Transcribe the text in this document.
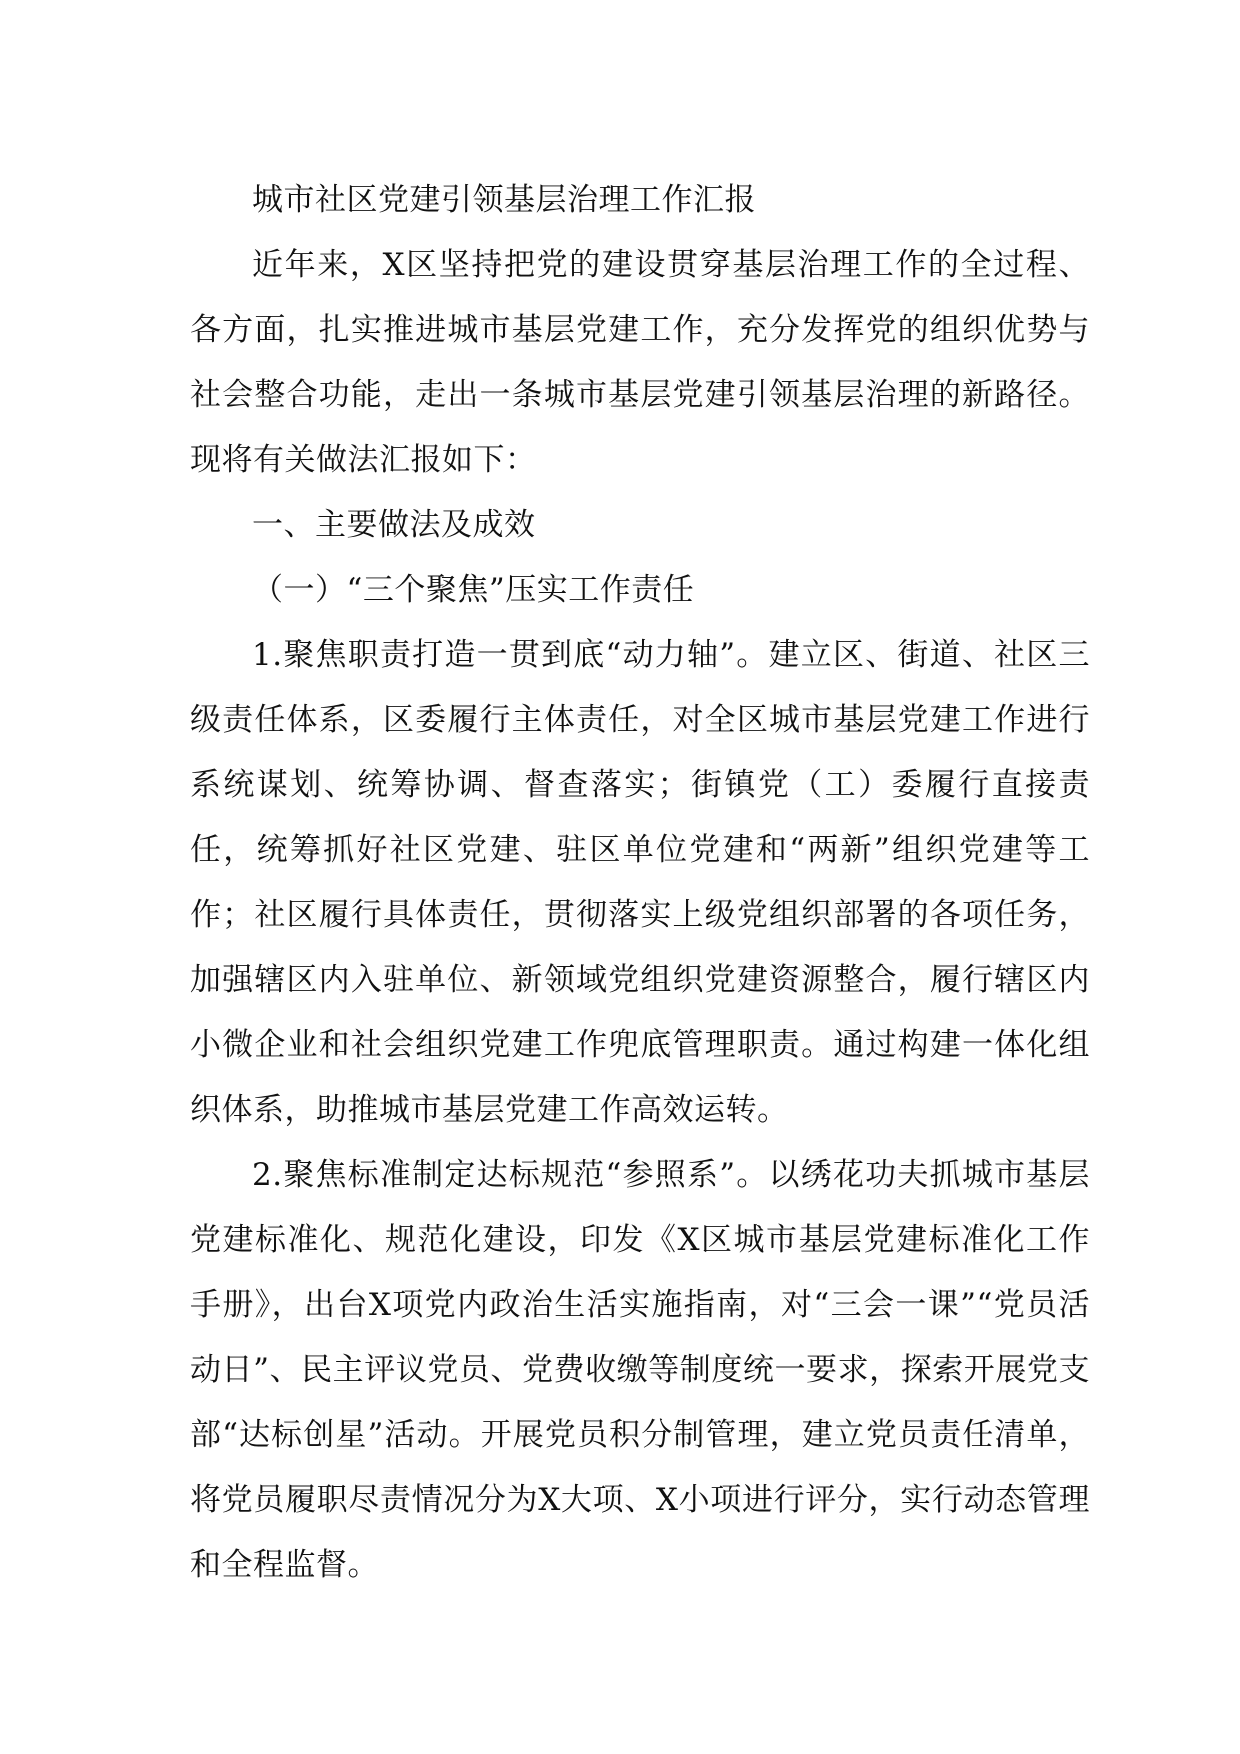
城市社区党建引领基层治理工作汇报

近年来，X区坚持把党的建设贯穿基层治理工作的全过程、各方面，扎实推进城市基层党建工作，充分发挥党的组织优势与社会整合功能，走出一条城市基层党建引领基层治理的新路径。现将有关做法汇报如下：

一、主要做法及成效

（一）“三个聚焦”压实工作责任

1.聚焦职责打造一贯到底“动力轴”。建立区、街道、社区三级责任体系，区委履行主体责任，对全区城市基层党建工作进行系统谋划、统筹协调、督查落实；街镇党（工）委履行直接责任，统筹抓好社区党建、驻区单位党建和“两新”组织党建等工作；社区履行具体责任，贯彻落实上级党组织部署的各项任务，加强辖区内入驻单位、新领域党组织党建资源整合，履行辖区内小微企业和社会组织党建工作兜底管理职责。通过构建一体化组织体系，助推城市基层党建工作高效运转。

2.聚焦标准制定达标规范“参照系”。以绣花功夫抓城市基层党建标准化、规范化建设，印发《X区城市基层党建标准化工作手册》，出台X项党内政治生活实施指南，对“三会一课”“党员活动日”、民主评议党员、党费收缴等制度统一要求，探索开展党支部“达标创星”活动。开展党员积分制管理，建立党员责任清单，将党员履职尽责情况分为X大项、X小项进行评分，实行动态管理和全程监督。
